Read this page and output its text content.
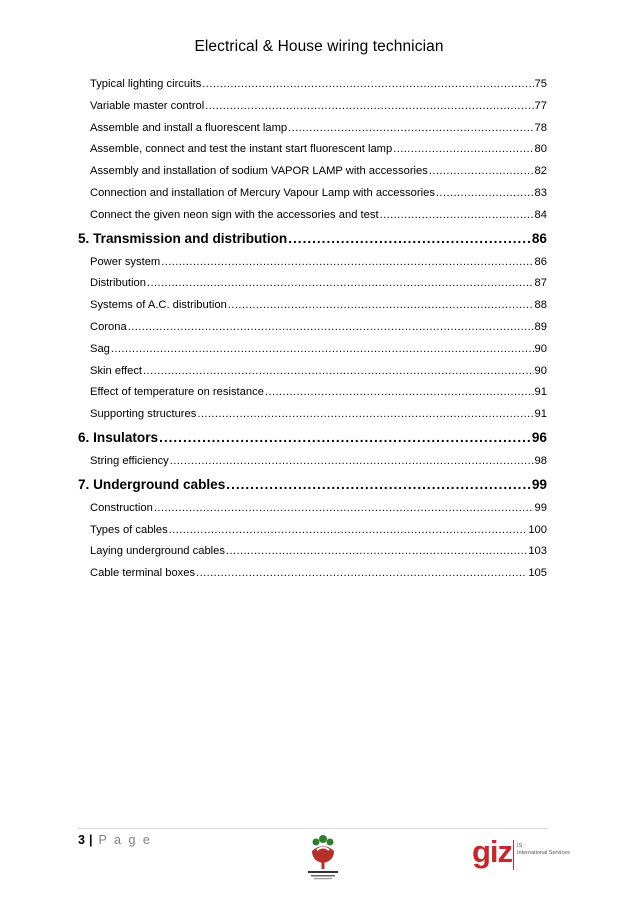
Electrical & House wiring technician
Typical lighting circuits .....	75
Variable master control .....	77
Assemble and install a fluorescent lamp .....	78
Assemble, connect and test the instant start fluorescent lamp .....	80
Assembly and installation of sodium VAPOR LAMP with accessories .....	82
Connection and installation of Mercury Vapour Lamp with accessories .....	83
Connect the given neon sign with the accessories and test .....	84
5. Transmission and distribution .....	86
Power system .....	86
Distribution .....	87
Systems of A.C. distribution .....	88
Corona .....	89
Sag .....	90
Skin effect .....	90
Effect of temperature on resistance .....	91
Supporting structures .....	91
6. Insulators .....	96
String efficiency .....	98
7. Underground cables .....	99
Construction .....	99
Types of cables .....	100
Laying underground cables .....	103
Cable terminal boxes .....	105
3 | P a g e	giz IS
International Services
